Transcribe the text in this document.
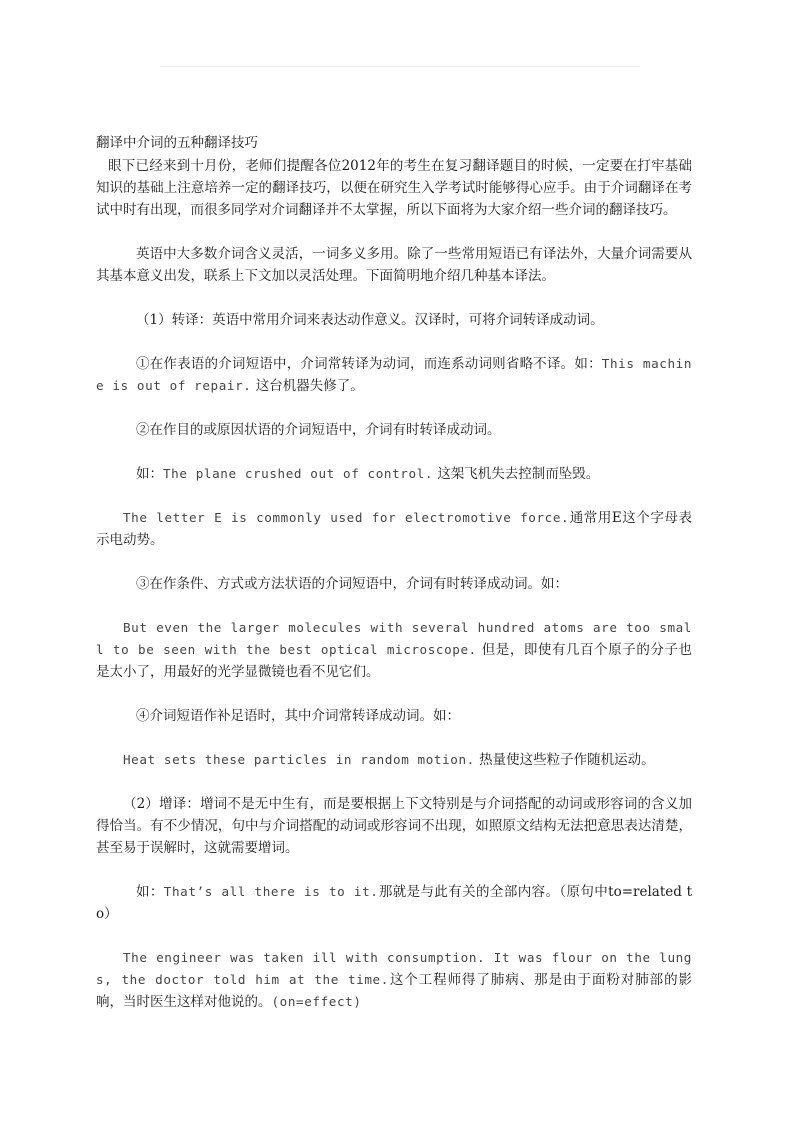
翻译中介词的五种翻译技巧

眼下已经来到十月份，老师们提醒各位2012年的考生在复习翻译题目的时候，一定要在打牢基础知识的基础上注意培养一定的翻译技巧，以便在研究生入学考试时能够得心应手。由于介词翻译在考试中时有出现，而很多同学对介词翻译并不太掌握，所以下面将为大家介绍一些介词的翻译技巧。

英语中大多数介词含义灵活，一词多义多用。除了一些常用短语已有译法外，大量介词需要从其基本意义出发，联系上下文加以灵活处理。下面简明地介绍几种基本译法。

（1）转译：英语中常用介词来表达动作意义。汉译时，可将介词转译成动词。

①在作表语的介词短语中，介词常转译为动词，而连系动词则省略不译。如：This machine is out of repair. 这台机器失修了。

②在作目的或原因状语的介词短语中，介词有时转译成动词。

如：The plane crushed out of control. 这架飞机失去控制而坠毁。

The letter E is commonly used for electromotive force.通常用E这个字母表示电动势。

③在作条件、方式或方法状语的介词短语中，介词有时转译成动词。如：

But even the larger molecules with several hundred atoms are too small to be seen with the best optical microscope. 但是，即使有几百个原子的分子也是太小了，用最好的光学显微镜也看不见它们。

④介词短语作补足语时，其中介词常转译成动词。如：

Heat sets these particles in random motion. 热量使这些粒子作随机运动。

（2）增译：增词不是无中生有，而是要根据上下文特别是与介词搭配的动词或形容词的含义加得恰当。有不少情况，句中与介词搭配的动词或形容词不出现，如照原文结构无法把意思表达清楚，甚至易于误解时，这就需要增词。

如：That’s all there is to it.那就是与此有关的全部内容。（原句中to=related to）

The engineer was taken ill with consumption. It was flour on the lungs, the doctor told him at the time.这个工程师得了肺病、那是由于面粉对肺部的影响，当时医生这样对他说的。(on=effect)
